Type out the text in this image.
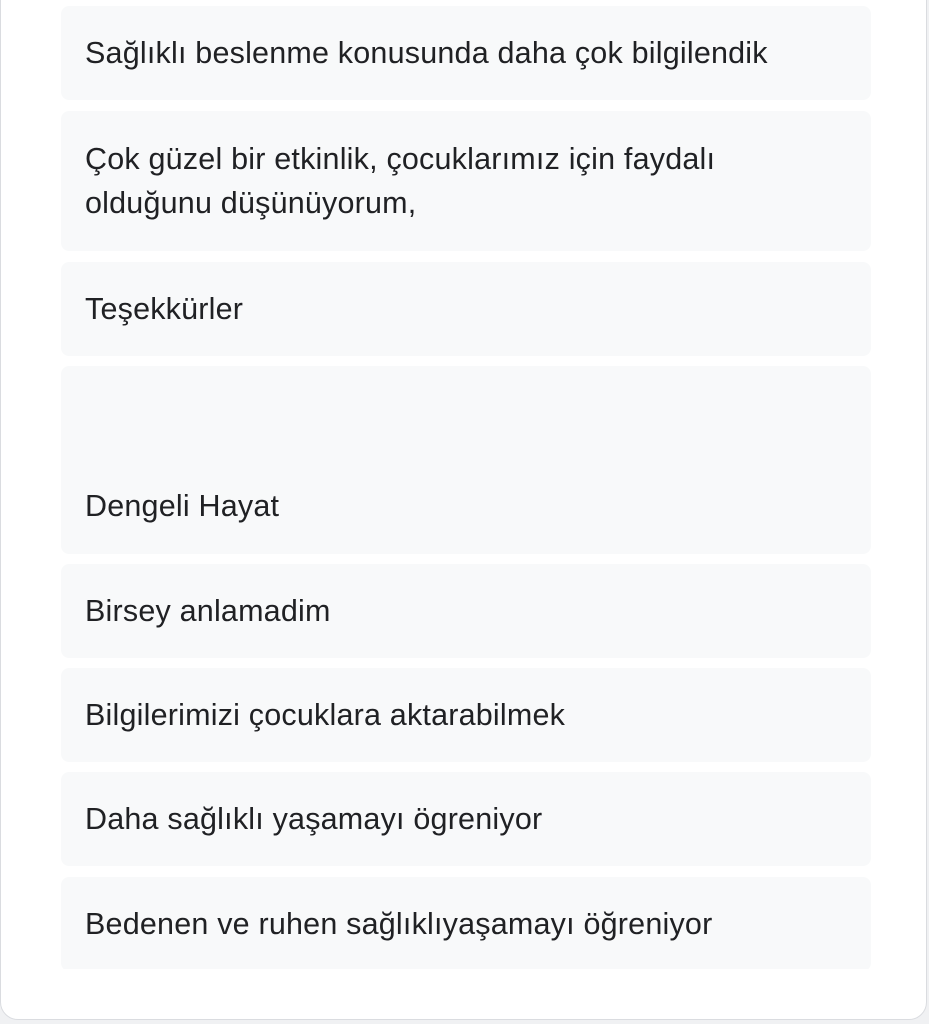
Sağlıklı beslenme konusunda daha çok bilgilendik
Çok güzel bir etkinlik, çocuklarımız için faydalı olduğunu düşünüyorum,
Teşekkürler
Dengeli Hayat
Birsey anlamadim
Bilgilerimizi çocuklara aktarabilmek
Daha sağlıklı yaşamayı ögreniyor
Bedenen ve ruhen sağlıklıyaşamayı öğreniyor
